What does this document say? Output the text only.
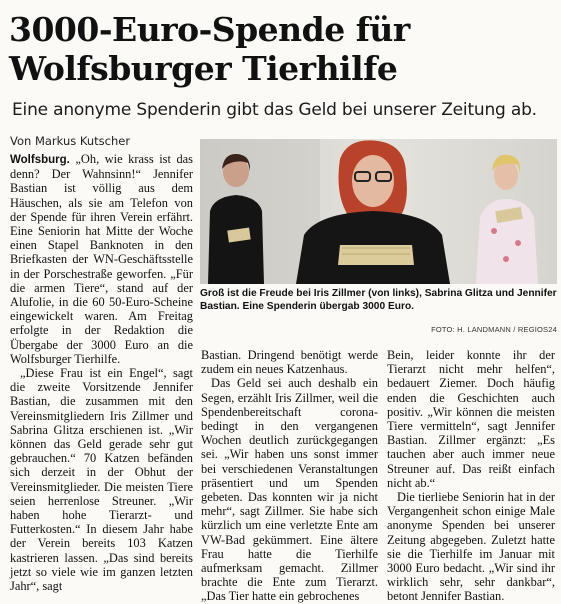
3000-Euro-Spende für Wolfsburger Tierhilfe
Eine anonyme Spenderin gibt das Geld bei unserer Zeitung ab.
Von Markus Kutscher

Wolfsburg. „Oh, wie krass ist das denn? Der Wahnsinn!“ Jennifer Bastian ist völlig aus dem Häuschen, als sie am Telefon von der Spende für ihren Verein erfährt. Eine Seniorin hat Mitte der Woche einen Stapel Banknoten in den Briefkasten der WN-Geschäftsstelle in der Porschestraße geworfen. „Für die armen Tiere“, stand auf der Alufolie, in die 60 50-Euro-Scheine eingewickelt waren. Am Freitag erfolgte in der Redaktion die Übergabe der 3000 Euro an die Wolfsburger Tierhilfe.

„Diese Frau ist ein Engel“, sagt die zweite Vorsitzende Jennifer Bastian, die zusammen mit den Vereinsmitgliedern Iris Zillmer und Sabrina Glitza erschienen ist. „Wir können das Geld gerade sehr gut gebrauchen.“ 70 Katzen befänden sich derzeit in der Obhut der Vereinsmitglieder. Die meisten Tiere seien herrenlose Streuner. „Wir haben hohe Tierarzt- und Futterkosten.“ In diesem Jahr habe der Verein bereits 103 Katzen kastrieren lassen. „Das sind bereits jetzt so viele wie im ganzen letzten Jahr“, sagt

Groß ist die Freude bei Iris Zillmer (von links), Sabrina Glitza und Jennifer Bastian. Eine Spenderin übergab 3000 Euro.
FOTO: H. LANDMANN / REGIOS24

Bastian. Dringend benötigt werde zudem ein neues Katzenhaus.

Das Geld sei auch deshalb ein Segen, erzählt Iris Zillmer, weil die Spendenbereitschaft corona-bedingt in den vergangenen Wochen deutlich zurückgegangen sei. „Wir haben uns sonst immer bei verschiedenen Veranstaltungen präsentiert und um Spenden gebeten. Das konnten wir ja nicht mehr“, sagt Zillmer. Sie habe sich kürzlich um eine verletzte Ente am VW-Bad gekümmert. Eine ältere Frau hatte die Tierhilfe aufmerksam gemacht. Zillmer brachte die Ente zum Tierarzt. „Das Tier hatte ein gebrochenes

Bein, leider konnte ihr der Tierarzt nicht mehr helfen“, bedauert Ziemer. Doch häufig enden die Geschichten auch positiv. „Wir können die meisten Tiere vermitteln“, sagt Jennifer Bastian. Zillmer ergänzt: „Es tauchen aber auch immer neue Streuner auf. Das reißt einfach nicht ab.“

Die tierliebe Seniorin hat in der Vergangenheit schon einige Male anonyme Spenden bei unserer Zeitung abgegeben. Zuletzt hatte sie die Tierhilfe im Januar mit 3000 Euro bedacht. „Wir sind ihr wirklich sehr, sehr dankbar“, betont Jennifer Bastian.
